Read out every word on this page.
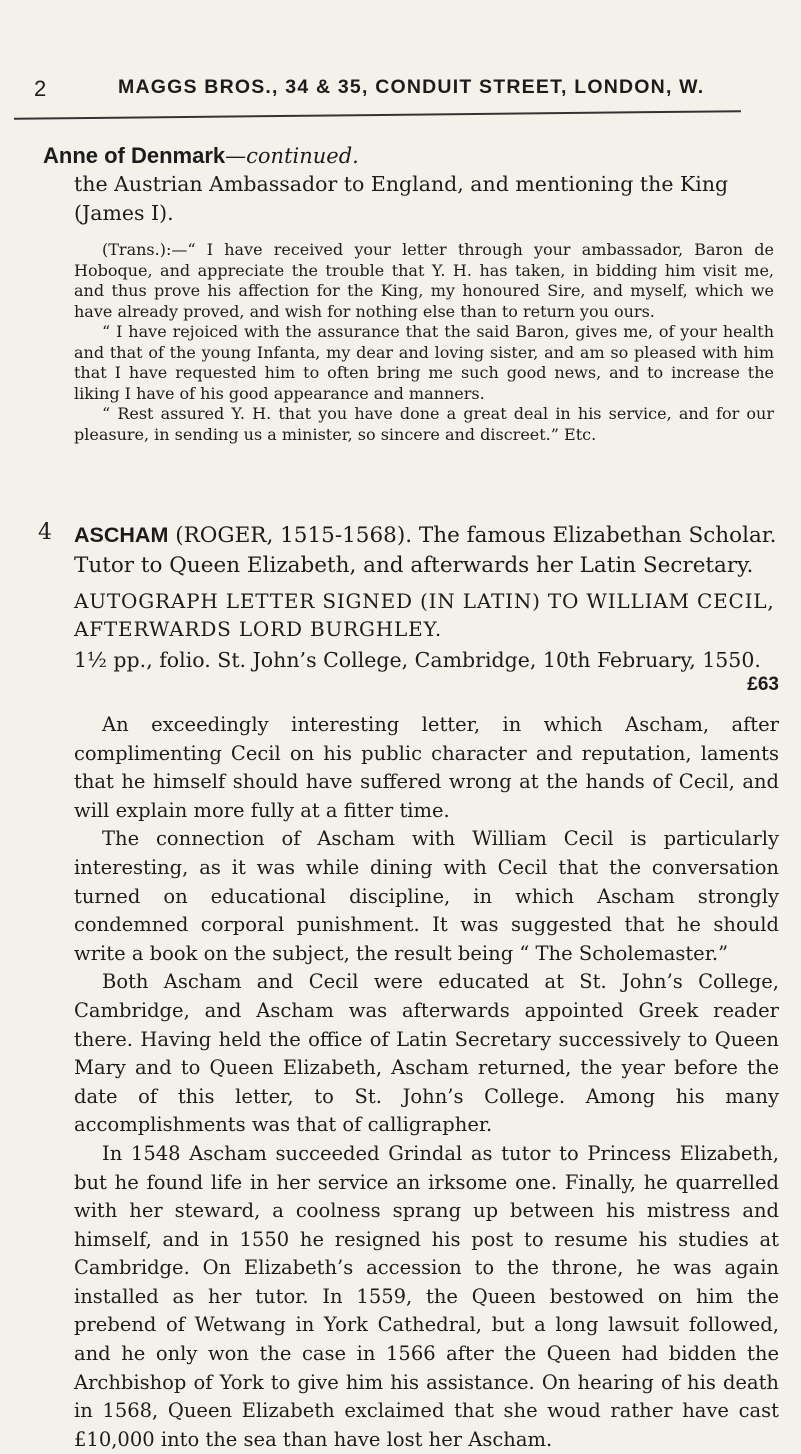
2	MAGGS BROS., 34 & 35, CONDUIT STREET, LONDON, W.
Anne of Denmark—continued.

the Austrian Ambassador to England, and mentioning the King (James I).

(Trans.):—“ I have received your letter through your ambassador, Baron de Hoboque, and appreciate the trouble that Y. H. has taken, in bidding him visit me, and thus prove his affection for the King, my honoured Sire, and myself, which we have already proved, and wish for nothing else than to return you ours.

“ I have rejoiced with the assurance that the said Baron, gives me, of your health and that of the young Infanta, my dear and loving sister, and am so pleased with him that I have requested him to often bring me such good news, and to increase the liking I have of his good appearance and manners.

“ Rest assured Y. H. that you have done a great deal in his service, and for our pleasure, in sending us a minister, so sincere and discreet.” Etc.

4 ASCHAM (ROGER, 1515-1568). The famous Elizabethan Scholar. Tutor to Queen Elizabeth, and afterwards her Latin Secretary.

AUTOGRAPH LETTER SIGNED (IN LATIN) TO WILLIAM CECIL, AFTERWARDS LORD BURGHLEY.

1½ pp., folio. St. John’s College, Cambridge, 10th February, 1550.

£63

An exceedingly interesting letter, in which Ascham, after complimenting Cecil on his public character and reputation, laments that he himself should have suffered wrong at the hands of Cecil, and will explain more fully at a fitter time.

The connection of Ascham with William Cecil is particularly interesting, as it was while dining with Cecil that the conversation turned on educational discipline, in which Ascham strongly condemned corporal punishment. It was suggested that he should write a book on the subject, the result being “ The Scholemaster.”

Both Ascham and Cecil were educated at St. John’s College, Cambridge, and Ascham was afterwards appointed Greek reader there. Having held the office of Latin Secretary successively to Queen Mary and to Queen Elizabeth, Ascham returned, the year before the date of this letter, to St. John’s College. Among his many accomplishments was that of calligrapher.

In 1548 Ascham succeeded Grindal as tutor to Princess Elizabeth, but he found life in her service an irksome one. Finally, he quarrelled with her steward, a coolness sprang up between his mistress and himself, and in 1550 he resigned his post to resume his studies at Cambridge. On Elizabeth’s accession to the throne, he was again installed as her tutor. In 1559, the Queen bestowed on him the prebend of Wetwang in York Cathedral, but a long lawsuit followed, and he only won the case in 1566 after the Queen had bidden the Archbishop of York to give him his assistance. On hearing of his death in 1568, Queen Elizabeth exclaimed that she woud rather have cast £10,000 into the sea than have lost her Ascham.
